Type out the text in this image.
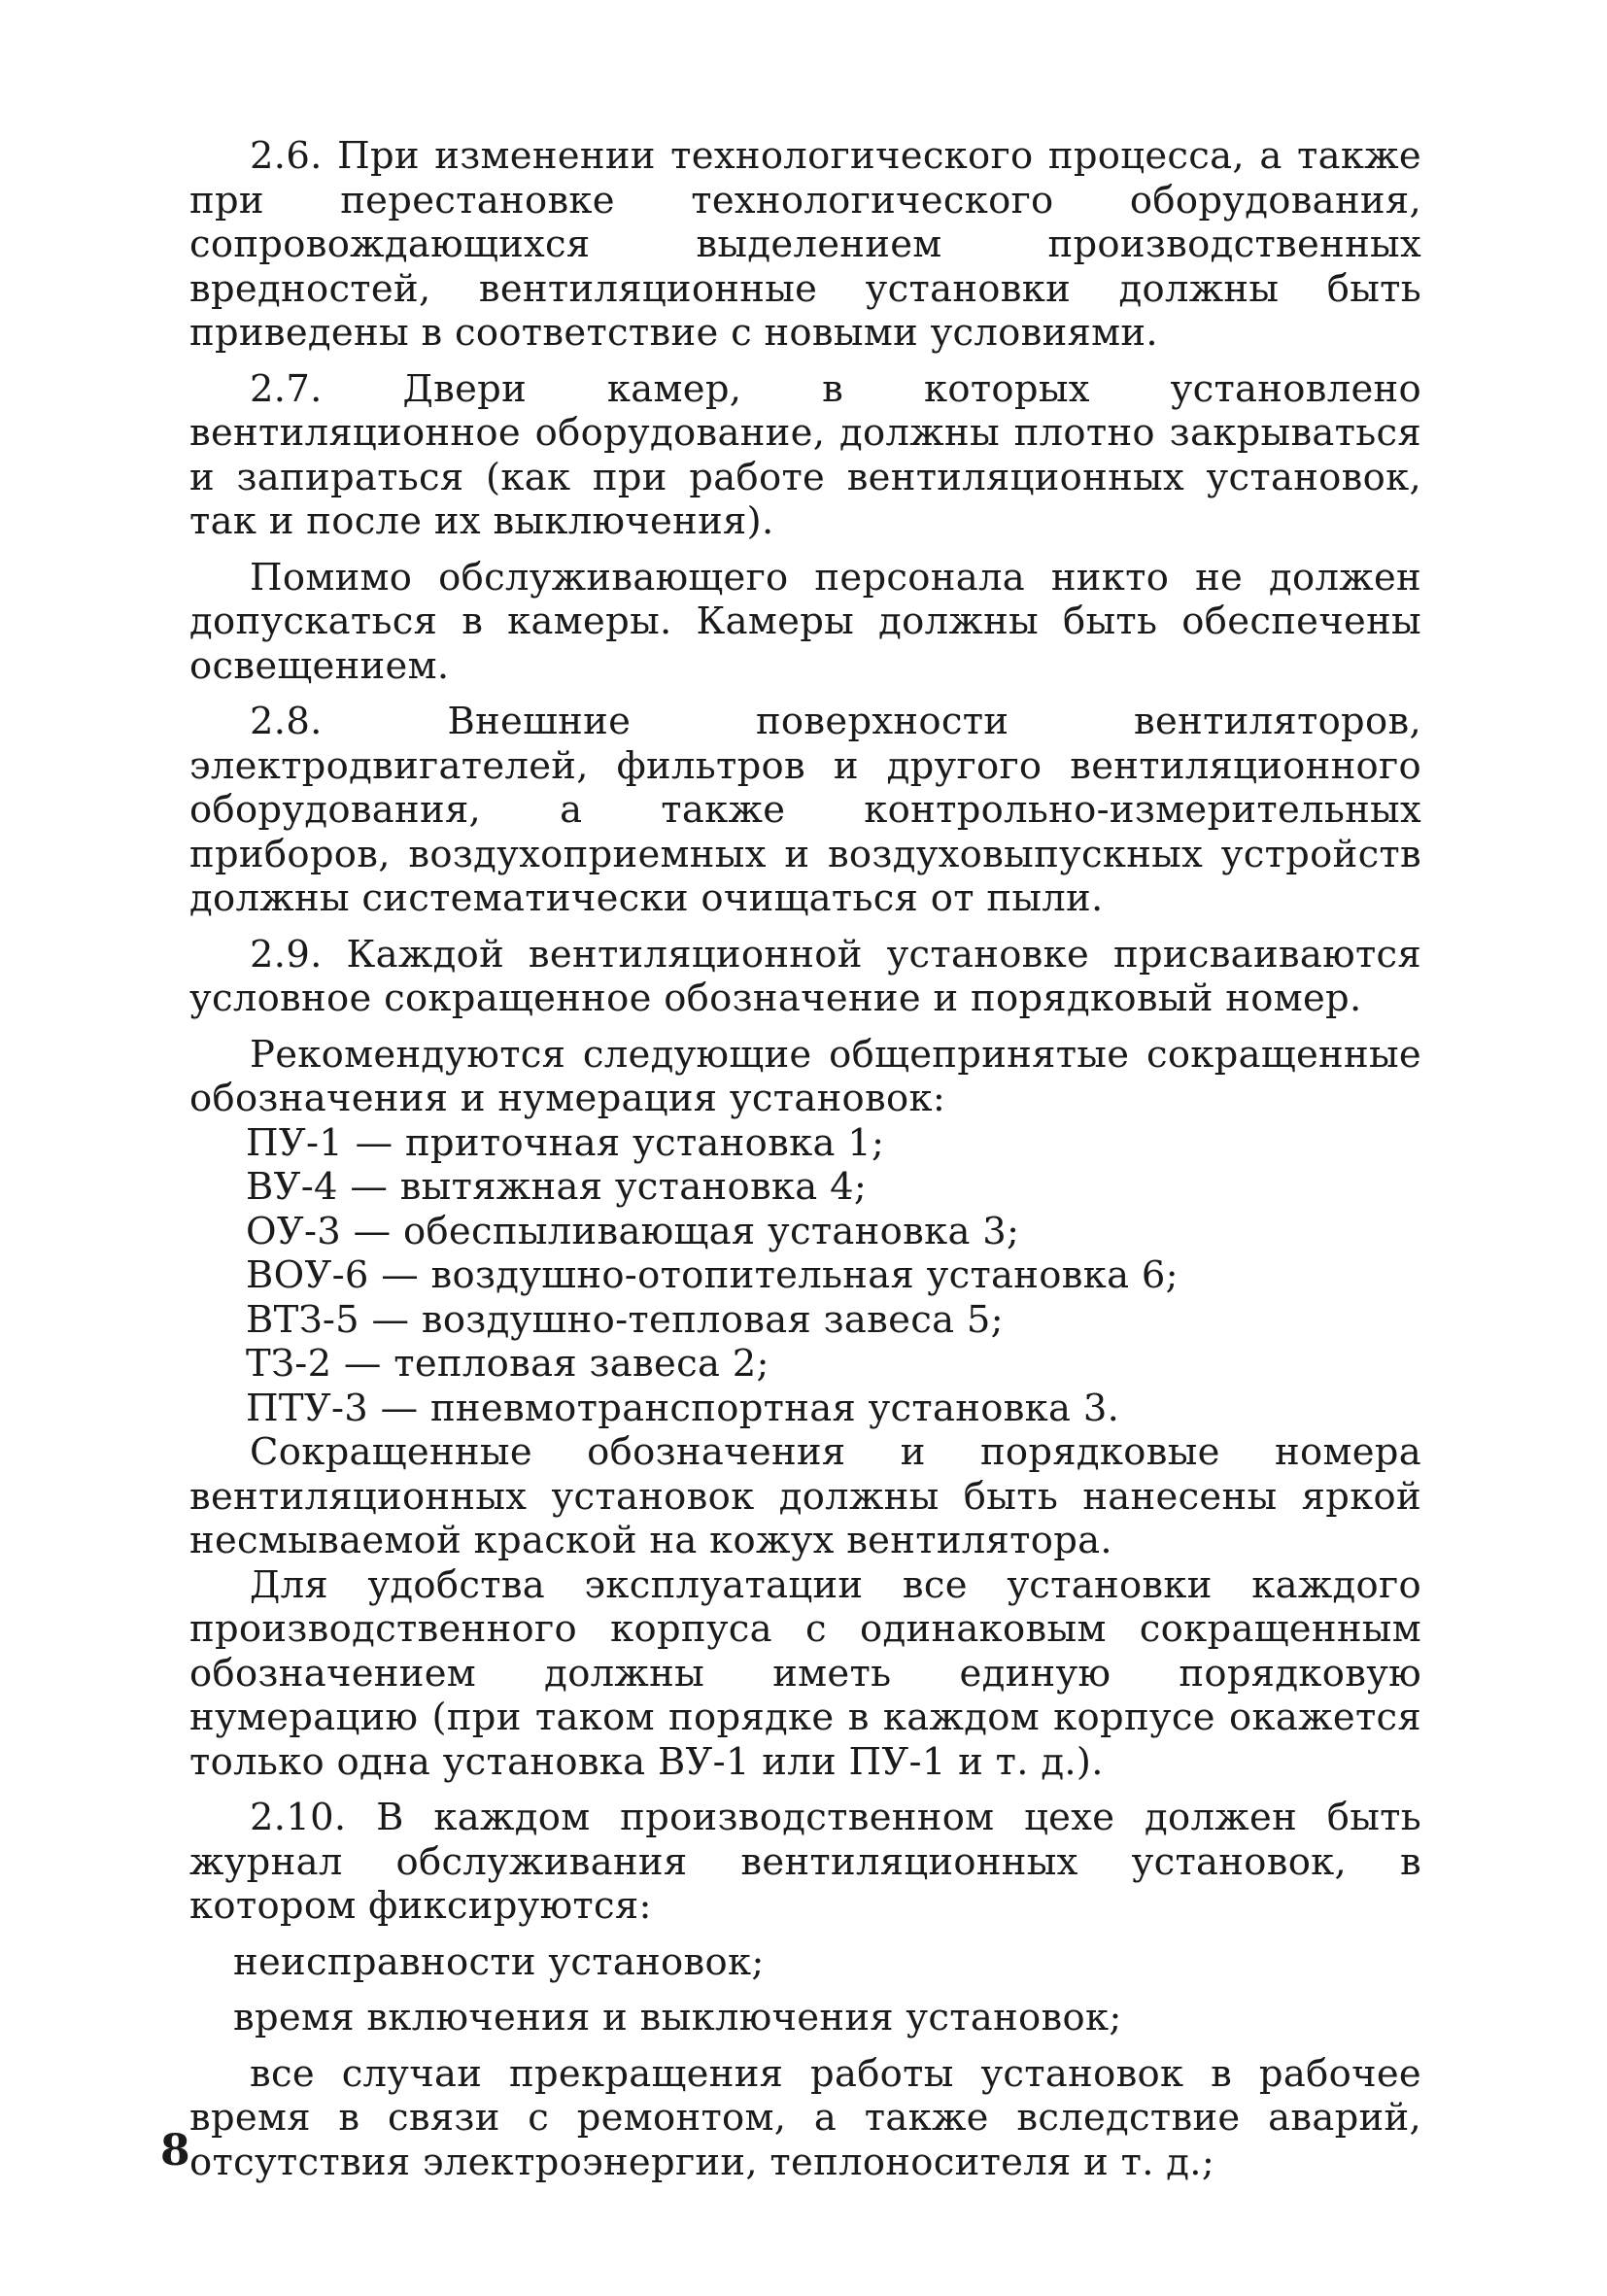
2.6. При изменении технологического процесса, а также при перестановке технологического оборудования, сопровождающихся выделением производственных вредностей, вентиляционные установки должны быть приведены в соответствие с новыми условиями.

2.7. Двери камер, в которых установлено вентиляционное оборудование, должны плотно закрываться и запираться (как при работе вентиляционных установок, так и после их выключения).

Помимо обслуживающего персонала никто не должен допускаться в камеры. Камеры должны быть обеспечены освещением.

2.8. Внешние поверхности вентиляторов, электродвигателей, фильтров и другого вентиляционного оборудования, а также контрольно-измерительных приборов, воздухоприемных и воздуховыпускных устройств должны систематически очищаться от пыли.

2.9. Каждой вентиляционной установке присваиваются условное сокращенное обозначение и порядковый номер.

Рекомендуются следующие общепринятые сокращенные обозначения и нумерация установок:

ПУ-1 — приточная установка 1;
ВУ-4 — вытяжная установка 4;
ОУ-3 — обеспыливающая установка 3;
ВОУ-6 — воздушно-отопительная установка 6;
ВТЗ-5 — воздушно-тепловая завеса 5;
ТЗ-2 — тепловая завеса 2;
ПТУ-3 — пневмотранспортная установка 3.

Сокращенные обозначения и порядковые номера вентиляционных установок должны быть нанесены яркой несмываемой краской на кожух вентилятора.

Для удобства эксплуатации все установки каждого производственного корпуса с одинаковым сокращенным обозначением должны иметь единую порядковую нумерацию (при таком порядке в каждом корпусе окажется только одна установка ВУ-1 или ПУ-1 и т. д.).

2.10. В каждом производственном цехе должен быть журнал обслуживания вентиляционных установок, в котором фиксируются:

неисправности установок;

время включения и выключения установок;

все случаи прекращения работы установок в рабочее время в связи с ремонтом, а также вследствие аварий, отсутствия электроэнергии, теплоносителя и т. д.;

8
